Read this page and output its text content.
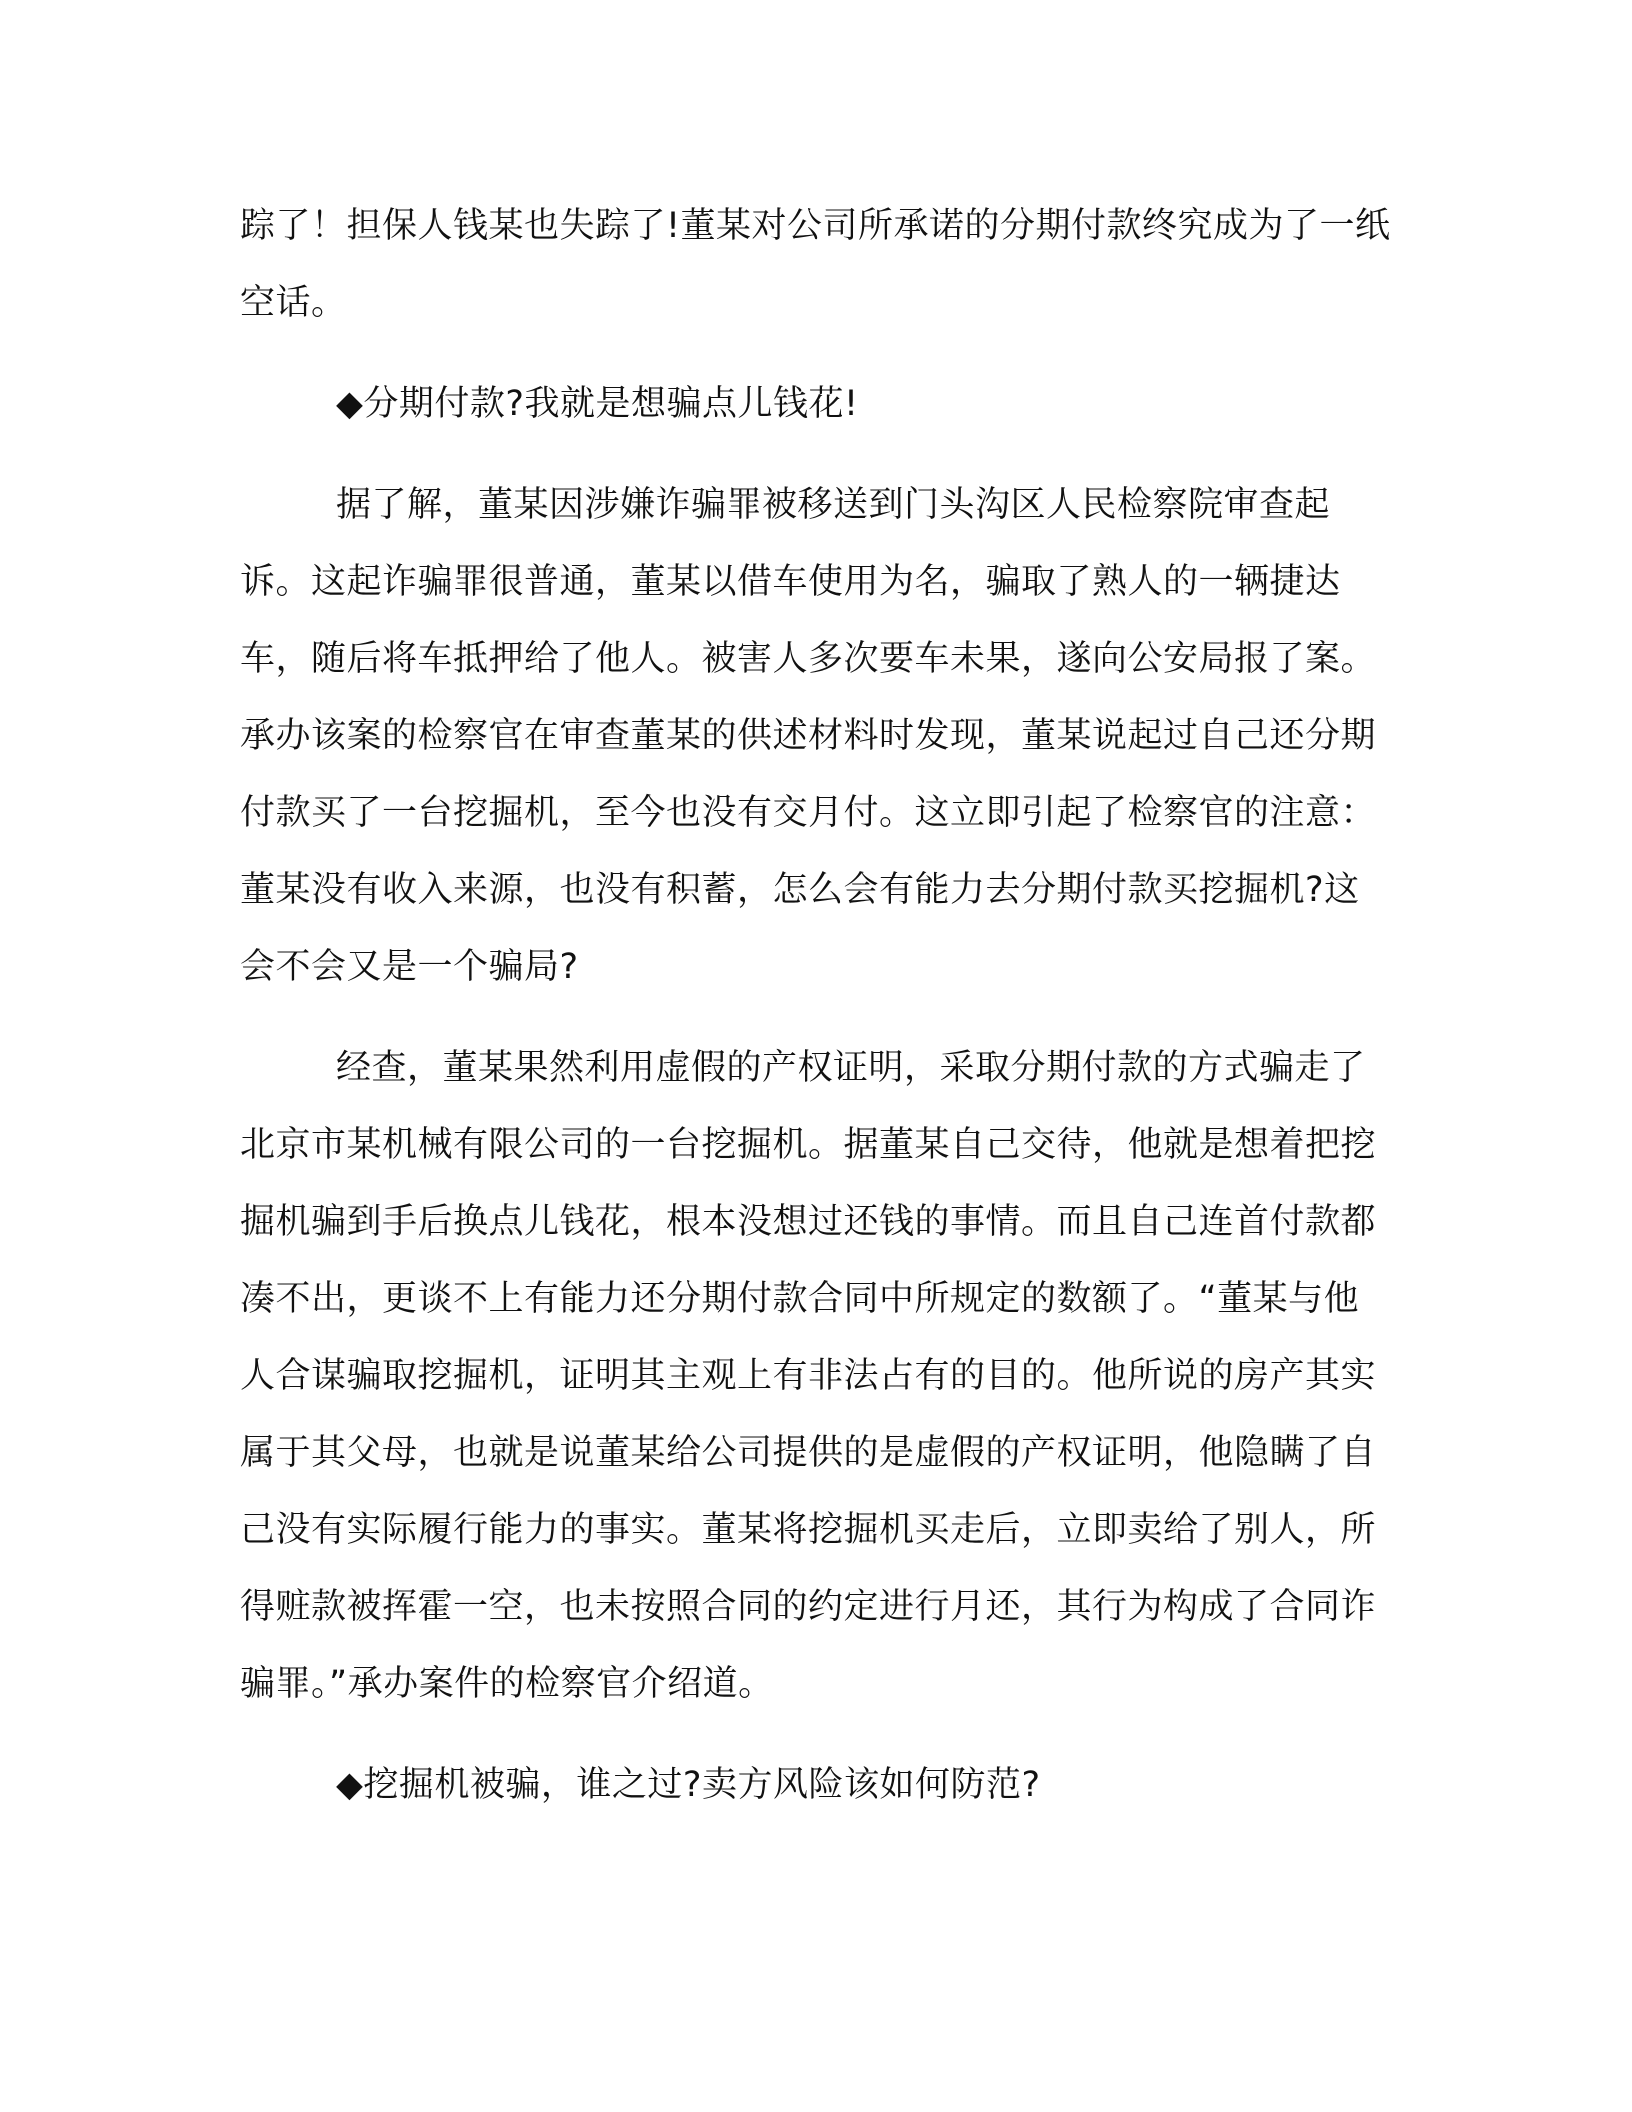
踪了！担保人钱某也失踪了!董某对公司所承诺的分期付款终究成为了一纸空话。

◆分期付款?我就是想骗点儿钱花!

据了解，董某因涉嫌诈骗罪被移送到门头沟区人民检察院审查起诉。这起诈骗罪很普通，董某以借车使用为名，骗取了熟人的一辆捷达车，随后将车抵押给了他人。被害人多次要车未果，遂向公安局报了案。承办该案的检察官在审查董某的供述材料时发现，董某说起过自己还分期付款买了一台挖掘机，至今也没有交月付。这立即引起了检察官的注意：董某没有收入来源，也没有积蓄，怎么会有能力去分期付款买挖掘机?这会不会又是一个骗局?

经查，董某果然利用虚假的产权证明，采取分期付款的方式骗走了北京市某机械有限公司的一台挖掘机。据董某自己交待，他就是想着把挖掘机骗到手后换点儿钱花，根本没想过还钱的事情。而且自己连首付款都凑不出，更谈不上有能力还分期付款合同中所规定的数额了。“董某与他人合谋骗取挖掘机，证明其主观上有非法占有的目的。他所说的房产其实属于其父母，也就是说董某给公司提供的是虚假的产权证明，他隐瞒了自己没有实际履行能力的事实。董某将挖掘机买走后，立即卖给了别人，所得赃款被挥霍一空，也未按照合同的约定进行月还，其行为构成了合同诈骗罪。”承办案件的检察官介绍道。

◆挖掘机被骗，谁之过?卖方风险该如何防范?
